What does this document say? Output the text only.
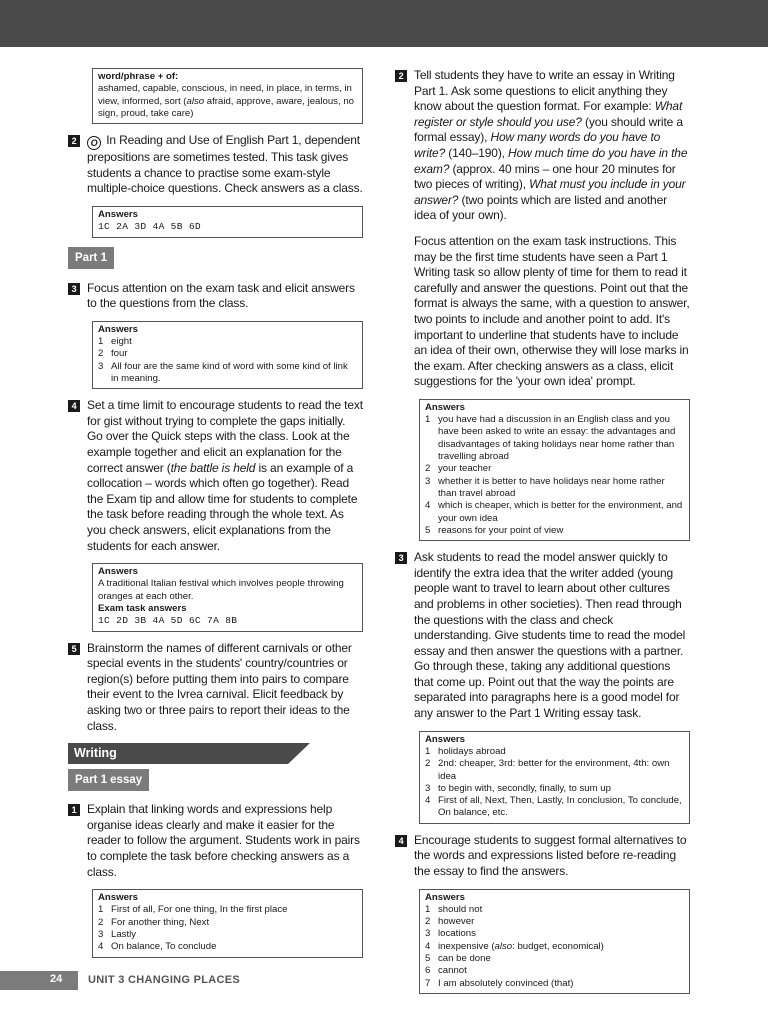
word/phrase + of:
ashamed, capable, conscious, in need, in place, in terms, in view, informed, sort (also afraid, approve, aware, jealous, no sign, proud, take care)
2	O In Reading and Use of English Part 1, dependent prepositions are sometimes tested. This task gives students a chance to practise some exam-style multiple-choice questions. Check answers as a class.
Answers
1C 2A 3D 4A 5B 6D
Part 1
3 Focus attention on the exam task and elicit answers to the questions from the class.
Answers
1 eight
2 four
3 All four are the same kind of word with some kind of link in meaning.
4 Set a time limit to encourage students to read the text for gist without trying to complete the gaps initially. Go over the Quick steps with the class. Look at the example together and elicit an explanation for the correct answer (the battle is held is an example of a collocation – words which often go together). Read the Exam tip and allow time for students to complete the task before reading through the whole text. As you check answers, elicit explanations from the students for each answer.
Answers
A traditional Italian festival which involves people throwing oranges at each other.
Exam task answers
1C 2D 3B 4A 5D 6C 7A 8B
5 Brainstorm the names of different carnivals or other special events in the students' country/countries or region(s) before putting them into pairs to compare their event to the Ivrea carnival. Elicit feedback by asking two or three pairs to report their ideas to the class.
Writing
Part 1 essay
1 Explain that linking words and expressions help organise ideas clearly and make it easier for the reader to follow the argument. Students work in pairs to complete the task before checking answers as a class.
Answers
1 First of all, For one thing, In the first place
2 For another thing, Next
3 Lastly
4 On balance, To conclude
2 Tell students they have to write an essay in Writing Part 1. Ask some questions to elicit anything they know about the question format. For example: What register or style should you use? (you should write a formal essay), How many words do you have to write? (140–190), How much time do you have in the exam? (approx. 40 mins – one hour 20 minutes for two pieces of writing), What must you include in your answer? (two points which are listed and another idea of your own).

Focus attention on the exam task instructions. This may be the first time students have seen a Part 1 Writing task so allow plenty of time for them to read it carefully and answer the questions. Point out that the format is always the same, with a question to answer, two points to include and another point to add. It's important to underline that students have to include an idea of their own, otherwise they will lose marks in the exam. After checking answers as a class, elicit suggestions for the 'your own idea' prompt.

Answers
1 you have had a discussion in an English class and you have been asked to write an essay: the advantages and disadvantages of taking holidays near home rather than travelling abroad
2 your teacher
3 whether it is better to have holidays near home rather than travel abroad
4 which is cheaper, which is better for the environment, and your own idea
5 reasons for your point of view
3 Ask students to read the model answer quickly to identify the extra idea that the writer added (young people want to travel to learn about other cultures and problems in other societies). Then read through the questions with the class and check understanding. Give students time to read the model essay and then answer the questions with a partner. Go through these, taking any additional questions that come up. Point out that the way the points are separated into paragraphs here is a good model for any answer to the Part 1 Writing essay task.
Answers
1 holidays abroad
2 2nd: cheaper, 3rd: better for the environment, 4th: own idea
3 to begin with, secondly, finally, to sum up
4 First of all, Next, Then, Lastly, In conclusion, To conclude, On balance, etc.
4 Encourage students to suggest formal alternatives to the words and expressions listed before re-reading the essay to find the answers.
Answers
1 should not
2 however
3 locations
4 inexpensive (also: budget, economical)
5 can be done
6 cannot
7 I am absolutely convinced (that)
24 UNIT 3 CHANGING PLACES
